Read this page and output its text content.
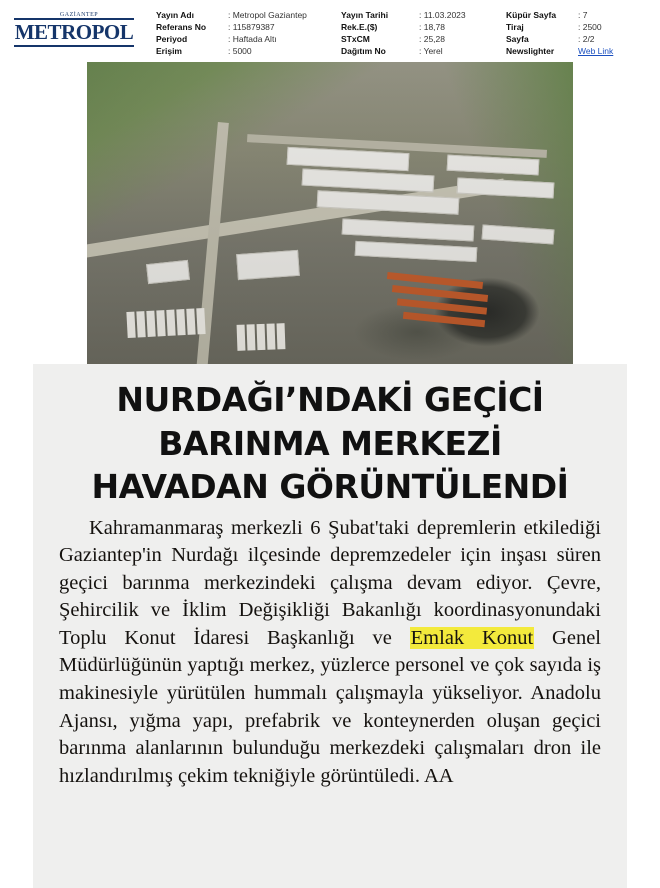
GAZİANTEP
METROPOL
Yayın Adı	: Metropol Gaziantep
Referans No	: 115879387
Periyod	: Haftada Altı
Erişim	: 5000
Yayın Tarihi	: 11.03.2023
Rek.E.($)	: 18,78
STxCM	: 25,28
Dağıtım No	: Yerel
Küpür Sayfa	: 7
Tiraj	: 2500
Sayfa	: 2/2
Newslighter	Web Link
NURDAĞI’NDAKİ GEÇİCİ
BARINMA MERKEZİ
HAVADAN GÖRÜNTÜLENDİ

Kahramanmaraş merkezli 6 Şubat'taki depremlerin etkilediği Gaziantep'in Nurdağı ilçesinde depremzedeler için inşası süren geçici barınma merkezindeki çalışma devam ediyor. Çevre, Şehircilik ve İklim Değişikliği Bakanlığı koordinasyonundaki Toplu Konut İdaresi Başkanlığı ve Emlak Konut Genel Müdürlüğünün yaptığı merkez, yüzlerce personel ve çok sayıda iş makinesiyle yürütülen hummalı çalışmayla yükseliyor. Anadolu Ajansı, yığma yapı, prefabrik ve konteynerden oluşan geçici barınma alanlarının bulunduğu merkezdeki çalışmaları dron ile hızlandırılmış çekim tekniğiyle görüntüledi. AA
